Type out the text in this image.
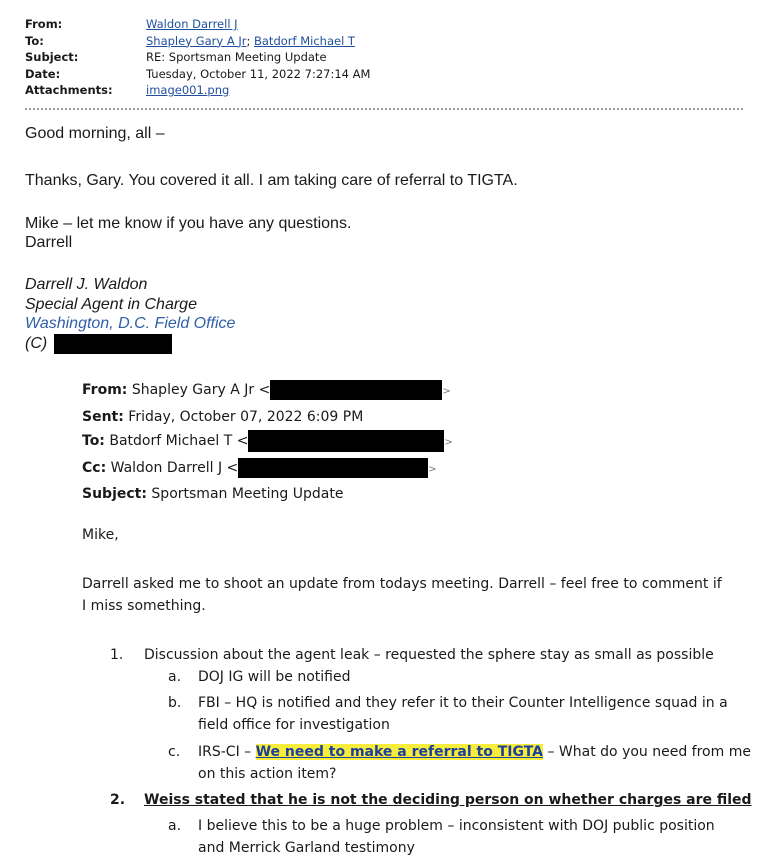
From:	Waldon Darrell J
To:	Shapley Gary A Jr ;
Batdorf Michael T
Subject:	RE: Sportsman Meeting Update
Date:	Tuesday, October 11, 2022 7:27:14 AM
Attachments:	image001.png
Good morning, all –
Thanks, Gary. You covered it all. I am taking care of referral to TIGTA.
Mike – let me know if you have any questions.
Darrell
Darrell J. Waldon
Special Agent in Charge
Washington, D.C. Field Office
(C)
From: Shapley Gary A Jr <	>
Sent: Friday, October 07, 2022 6:09 PM
To: Batdorf Michael T <	>
Cc: Waldon Darrell J <	>
Subject: Sportsman Meeting Update
Mike,
Darrell asked me to shoot an update from todays meeting. Darrell – feel free to comment if
I miss something.
1. Discussion about the agent leak – requested the sphere stay as small as possible
a. DOJ IG will be notified
b. FBI – HQ is notified and they refer it to their Counter Intelligence squad in a
field office for investigation
c. IRS-CI – We need to make a referral to TIGTA – What do you need from me
on this action item?
2. Weiss stated that he is not the deciding person on whether charges are filed
a. I believe this to be a huge problem – inconsistent with DOJ public position
and Merrick Garland testimony
